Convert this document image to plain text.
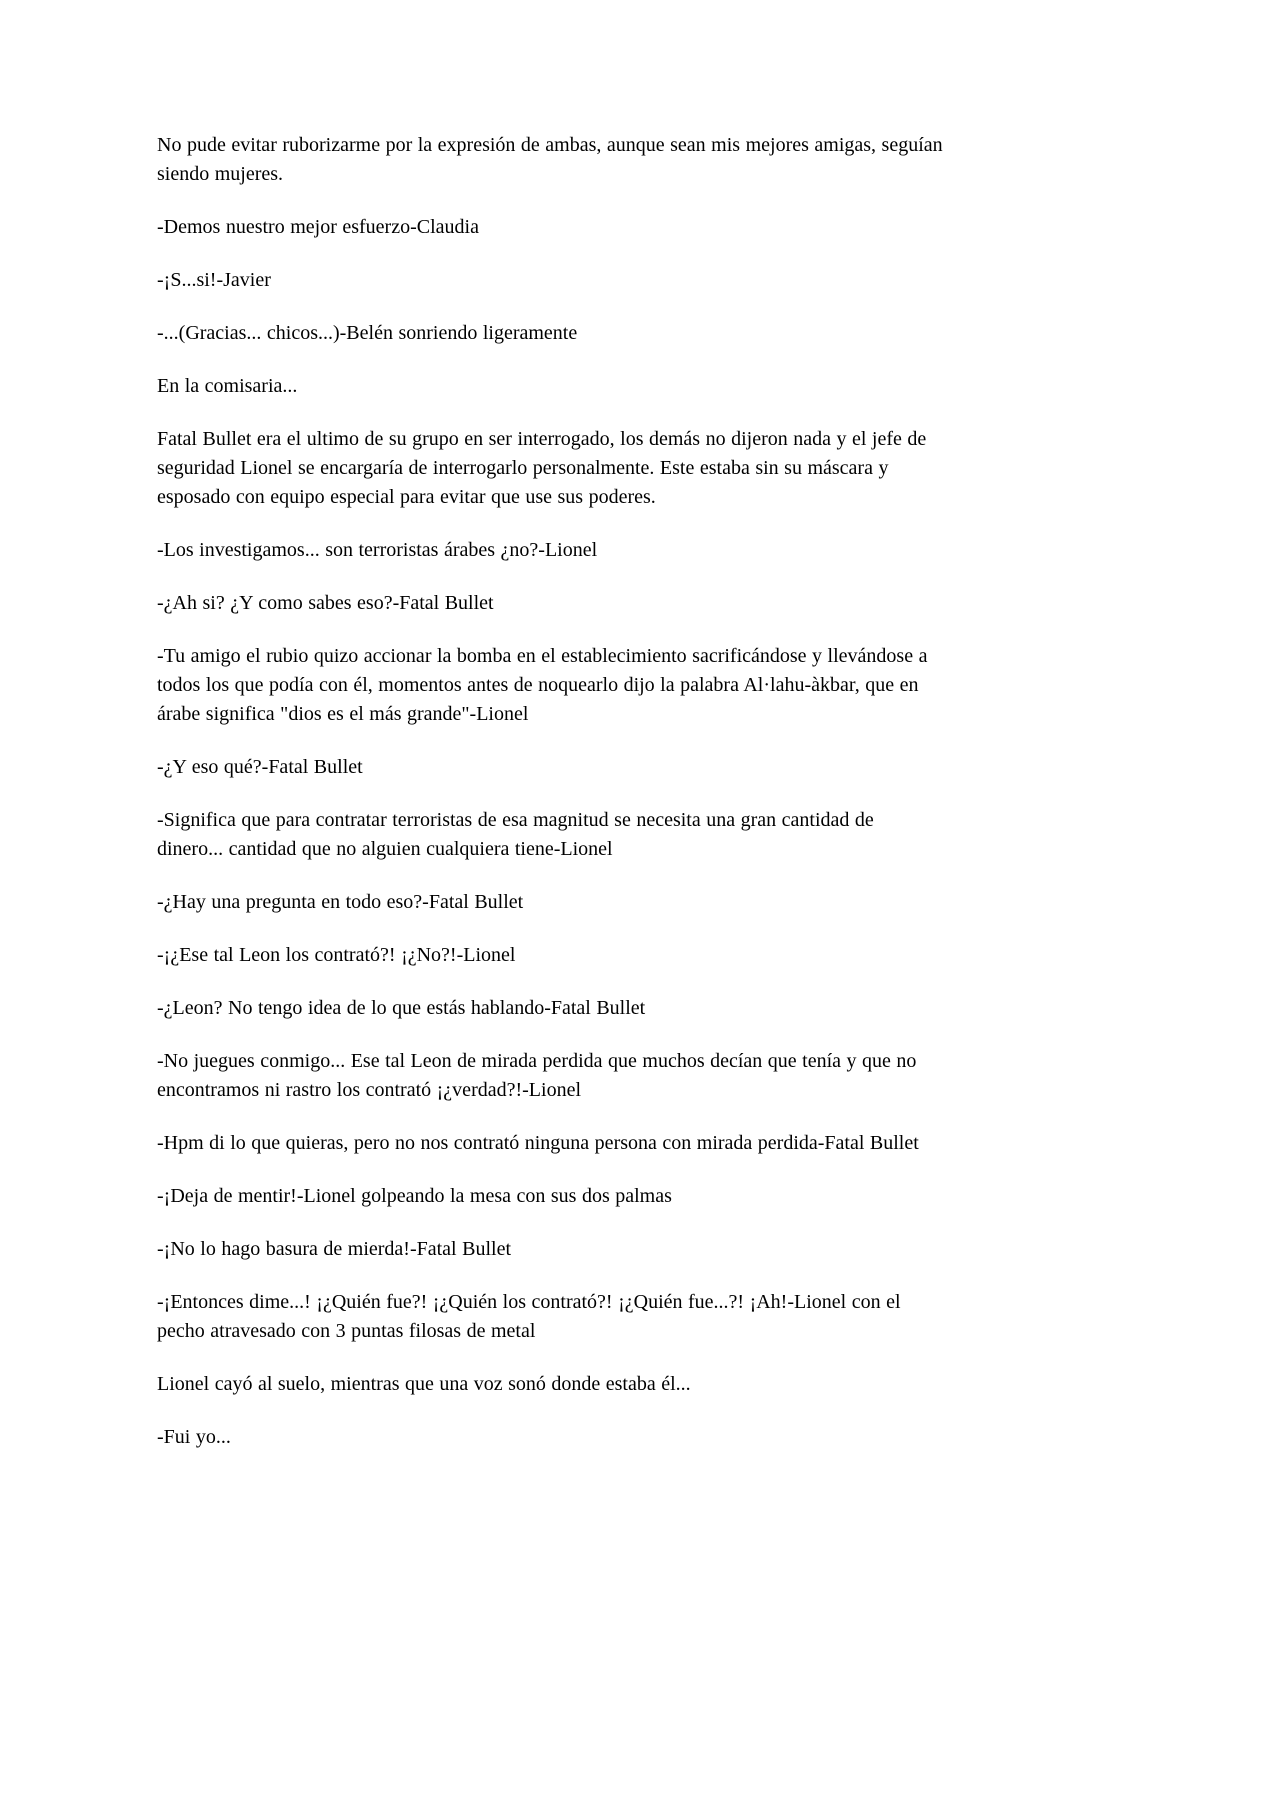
No pude evitar ruborizarme por la expresión de ambas, aunque sean mis mejores amigas, seguían siendo mujeres.

-Demos nuestro mejor esfuerzo-Claudia

-¡S...si!-Javier

-...(Gracias... chicos...)-Belén sonriendo ligeramente

En la comisaria...

Fatal Bullet era el ultimo de su grupo en ser interrogado, los demás no dijeron nada y el jefe de seguridad Lionel se encargaría de interrogarlo personalmente. Este estaba sin su máscara y esposado con equipo especial para evitar que use sus poderes.

-Los investigamos... son terroristas árabes ¿no?-Lionel

-¿Ah si? ¿Y como sabes eso?-Fatal Bullet

-Tu amigo el rubio quizo accionar la bomba en el establecimiento sacrificándose y llevándose a todos los que podía con él, momentos antes de noquearlo dijo la palabra Al·lahu-àkbar, que en árabe significa "dios es el más grande"-Lionel

-¿Y eso qué?-Fatal Bullet

-Significa que para contratar terroristas de esa magnitud se necesita una gran cantidad de dinero... cantidad que no alguien cualquiera tiene-Lionel

-¿Hay una pregunta en todo eso?-Fatal Bullet

-¡¿Ese tal Leon los contrató?! ¡¿No?!-Lionel

-¿Leon? No tengo idea de lo que estás hablando-Fatal Bullet

-No juegues conmigo... Ese tal Leon de mirada perdida que muchos decían que tenía y que no encontramos ni rastro los contrató ¡¿verdad?!-Lionel

-Hpm di lo que quieras, pero no nos contrató ninguna persona con mirada perdida-Fatal Bullet

-¡Deja de mentir!-Lionel golpeando la mesa con sus dos palmas

-¡No lo hago basura de mierda!-Fatal Bullet

-¡Entonces dime...! ¡¿Quién fue?! ¡¿Quién los contrató?! ¡¿Quién fue...?! ¡Ah!-Lionel con el pecho atravesado con 3 puntas filosas de metal

Lionel cayó al suelo, mientras que una voz sonó donde estaba él...

-Fui yo...
